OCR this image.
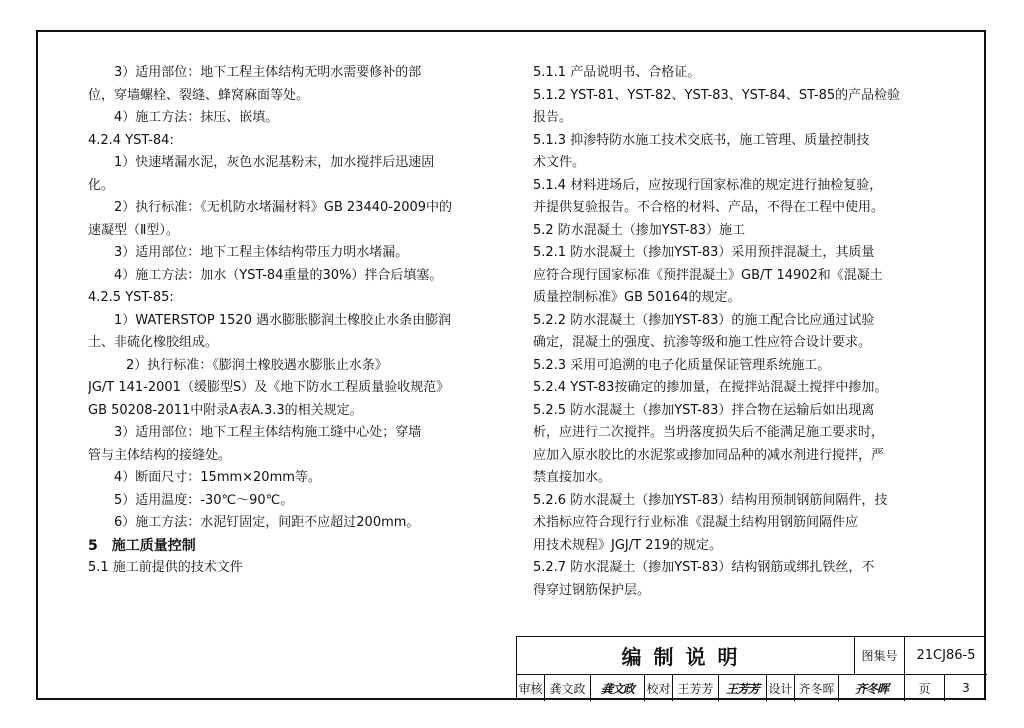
3）适用部位：地下工程主体结构无明水需要修补的部
位，穿墙螺栓、裂缝、蜂窝麻面等处。
4）施工方法：抹压、嵌填。
4.2.4 YST-84:
1）快速堵漏水泥，灰色水泥基粉末，加水搅拌后迅速固
化。
2）执行标准：《无机防水堵漏材料》GB 23440-2009中的
速凝型（Ⅱ型）。
3）适用部位：地下工程主体结构带压力明水堵漏。
4）施工方法：加水（YST-84重量的30%）拌合后填塞。
4.2.5 YST-85:
1）WATERSTOP 1520 遇水膨胀膨润土橡胶止水条由膨润
土、非硫化橡胶组成。
2）执行标准：《膨润土橡胶遇水膨胀止水条》
JG/T 141-2001（缓膨型S）及《地下防水工程质量验收规范》
GB 50208-2011中附录A表A.3.3的相关规定。
3）适用部位：地下工程主体结构施工缝中心处；穿墙
管与主体结构的接缝处。
4）断面尺寸：15mm×20mm等。
5）适用温度：-30℃～90℃。
6）施工方法：水泥钉固定，间距不应超过200mm。
5　施工质量控制
5.1 施工前提供的技术文件
5.1.1 产品说明书、合格证。
5.1.2 YST-81、YST-82、YST-83、YST-84、ST-85的产品检验
报告。
5.1.3 抑渗特防水施工技术交底书，施工管理、质量控制技
术文件。
5.1.4 材料进场后，应按现行国家标准的规定进行抽检复验，
并提供复验报告。不合格的材料、产品，不得在工程中使用。
5.2 防水混凝土（掺加YST-83）施工
5.2.1 防水混凝土（掺加YST-83）采用预拌混凝土，其质量
应符合现行国家标准《预拌混凝土》GB/T 14902和《混凝土
质量控制标准》GB 50164的规定。
5.2.2 防水混凝土（掺加YST-83）的施工配合比应通过试验
确定，混凝土的强度、抗渗等级和施工性应符合设计要求。
5.2.3 采用可追溯的电子化质量保证管理系统施工。
5.2.4 YST-83按确定的掺加量，在搅拌站混凝土搅拌中掺加。
5.2.5 防水混凝土（掺加YST-83）拌合物在运输后如出现离
析，应进行二次搅拌。当坍落度损失后不能满足施工要求时，
应加入原水胶比的水泥浆或掺加同品种的减水剂进行搅拌，严
禁直接加水。
5.2.6 防水混凝土（掺加YST-83）结构用预制钢筋间隔件，技
术指标应符合现行行业标准《混凝土结构用钢筋间隔件应
用技术规程》JGJ/T 219的规定。
5.2.7 防水混凝土（掺加YST-83）结构钢筋或绑扎铁丝，不
得穿过钢筋保护层。
编制说明	图集号	21CJ86-5
审核 龚文政	龚文政	校对 王芳芳	王芳芳 设计 齐冬晖	齐冬晖	页	3
